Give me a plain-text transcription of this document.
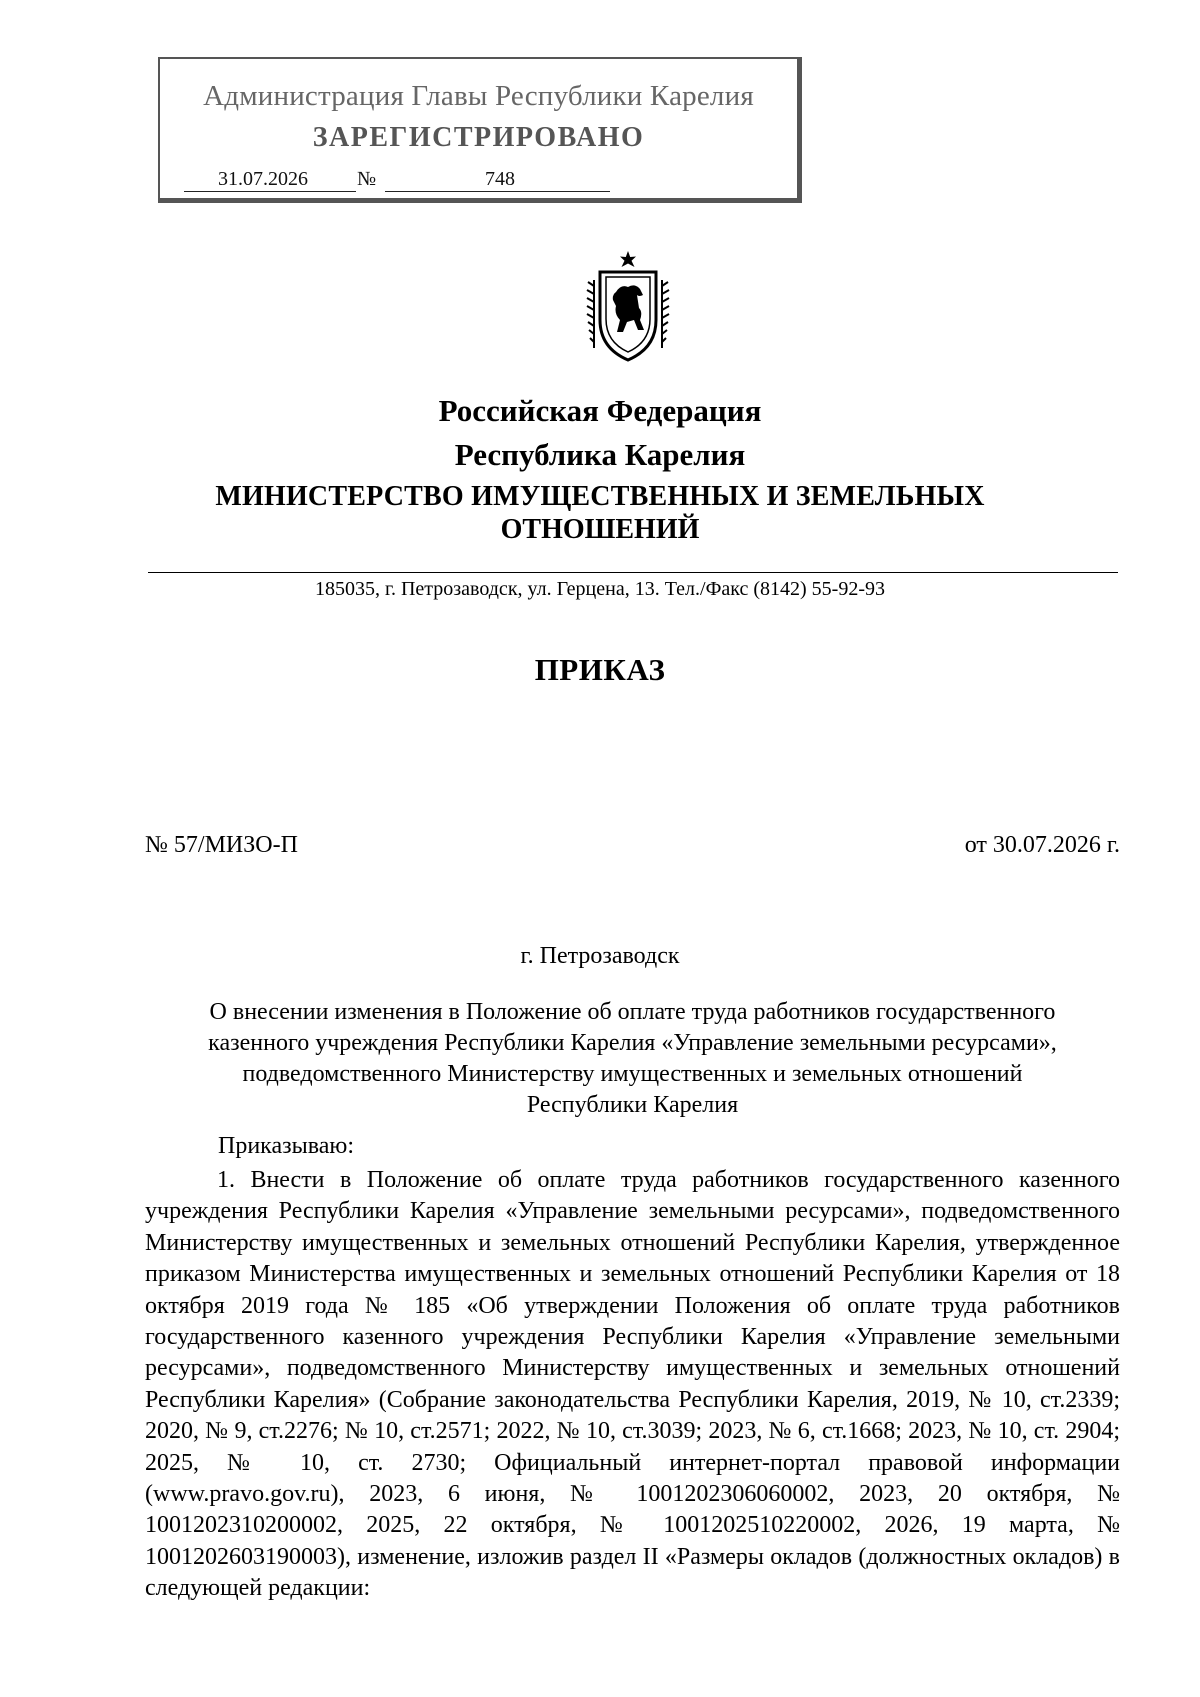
Администрация Главы Республики Карелия
ЗАРЕГИСТРИРОВАНО
31.07.2026 №	748
Российская Федерация
Республика Карелия
МИНИСТЕРСТВО ИМУЩЕСТВЕННЫХ И ЗЕМЕЛЬНЫХ
ОТНОШЕНИЙ
185035, г. Петрозаводск, ул. Герцена, 13. Тел./Факс (8142) 55-92-93
ПРИКАЗ
№ 57/МИЗО-П	от 30.07.2026 г.
г. Петрозаводск
О внесении изменения в Положение об оплате труда работников государственного
казенного учреждения Республики Карелия «Управление земельными ресурсами»,
подведомственного Министерству имущественных и земельных отношений
Республики Карелия
Приказываю:
1. Внести в Положение об оплате труда работников государственного казенного учреждения Республики Карелия «Управление земельными ресурсами», подведомственного Министерству имущественных и земельных отношений Республики Карелия, утвержденное приказом Министерства имущественных и земельных отношений Республики Карелия от 18 октября 2019 года № 185 «Об утверждении Положения об оплате труда работников государственного казенного учреждения Республики Карелия «Управление земельными ресурсами», подведомственного Министерству имущественных и земельных отношений Республики Карелия» (Собрание законодательства Республики Карелия, 2019, № 10, ст.2339; 2020, № 9, ст.2276; № 10, ст.2571; 2022, № 10, ст.3039; 2023, № 6, ст.1668; 2023, № 10, ст. 2904; 2025, № 10, ст. 2730; Официальный интернет-портал правовой информации (www.pravo.gov.ru), 2023, 6 июня, № 1001202306060002, 2023, 20 октября, № 1001202310200002, 2025, 22 октября, № 1001202510220002, 2026, 19 марта, № 1001202603190003), изменение, изложив раздел II «Размеры окладов (должностных окладов) в следующей редакции:
